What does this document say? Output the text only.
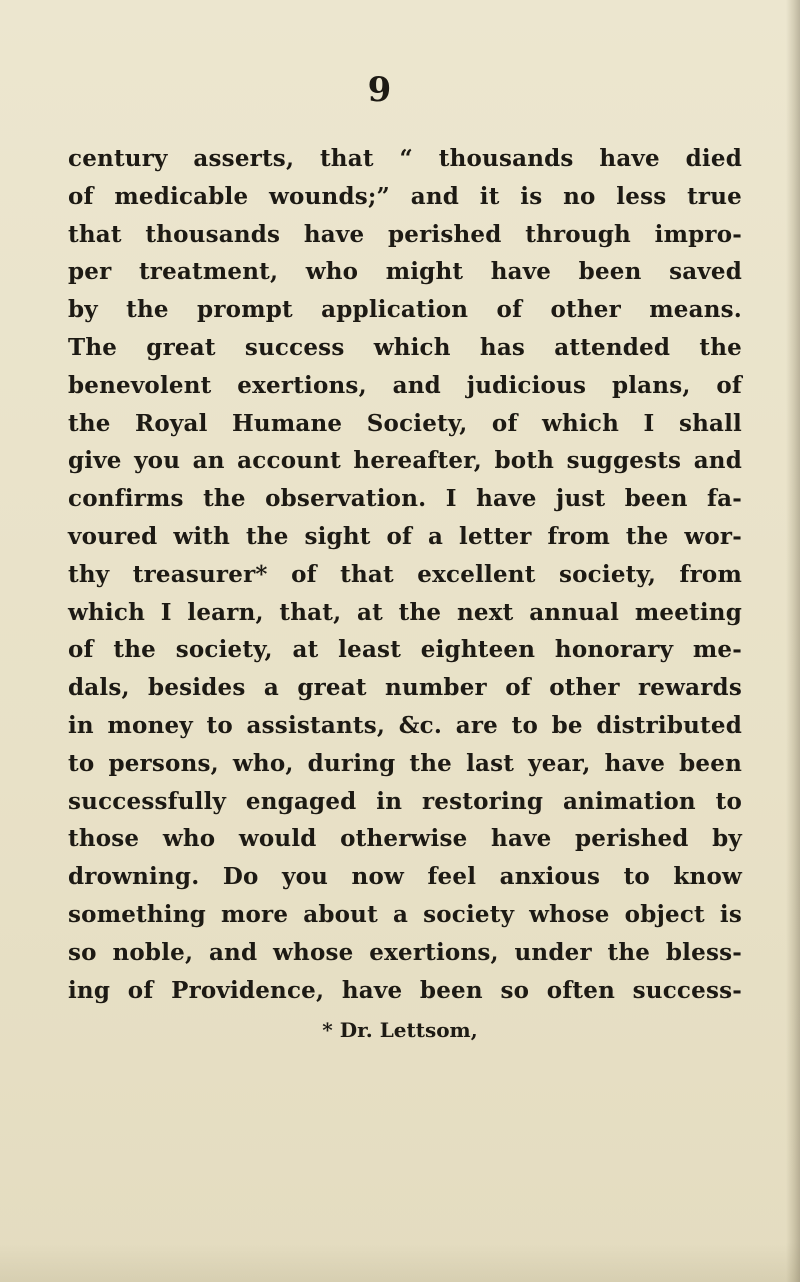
9
century asserts, that “ thousands have died
of medicable wounds;” and it is no less true
that thousands have perished through impro-
per treatment, who might have been saved
by the prompt application of other means.
The great success which has attended the
benevolent exertions, and judicious plans, of
the Royal Humane Society, of which I shall
give you an account hereafter, both suggests and
confirms the observation. I have just been fa-
voured with the sight of a letter from the wor-
thy treasurer* of that excellent society, from
which I learn, that, at the next annual meeting
of the society, at least eighteen honorary me-
dals, besides a great number of other rewards
in money to assistants, &c. are to be distributed
to persons, who, during the last year, have been
successfully engaged in restoring animation to
those who would otherwise have perished by
drowning. Do you now feel anxious to know
something more about a society whose object is
so noble, and whose exertions, under the bless-
ing of Providence, have been so often success-
* Dr. Lettsom,
